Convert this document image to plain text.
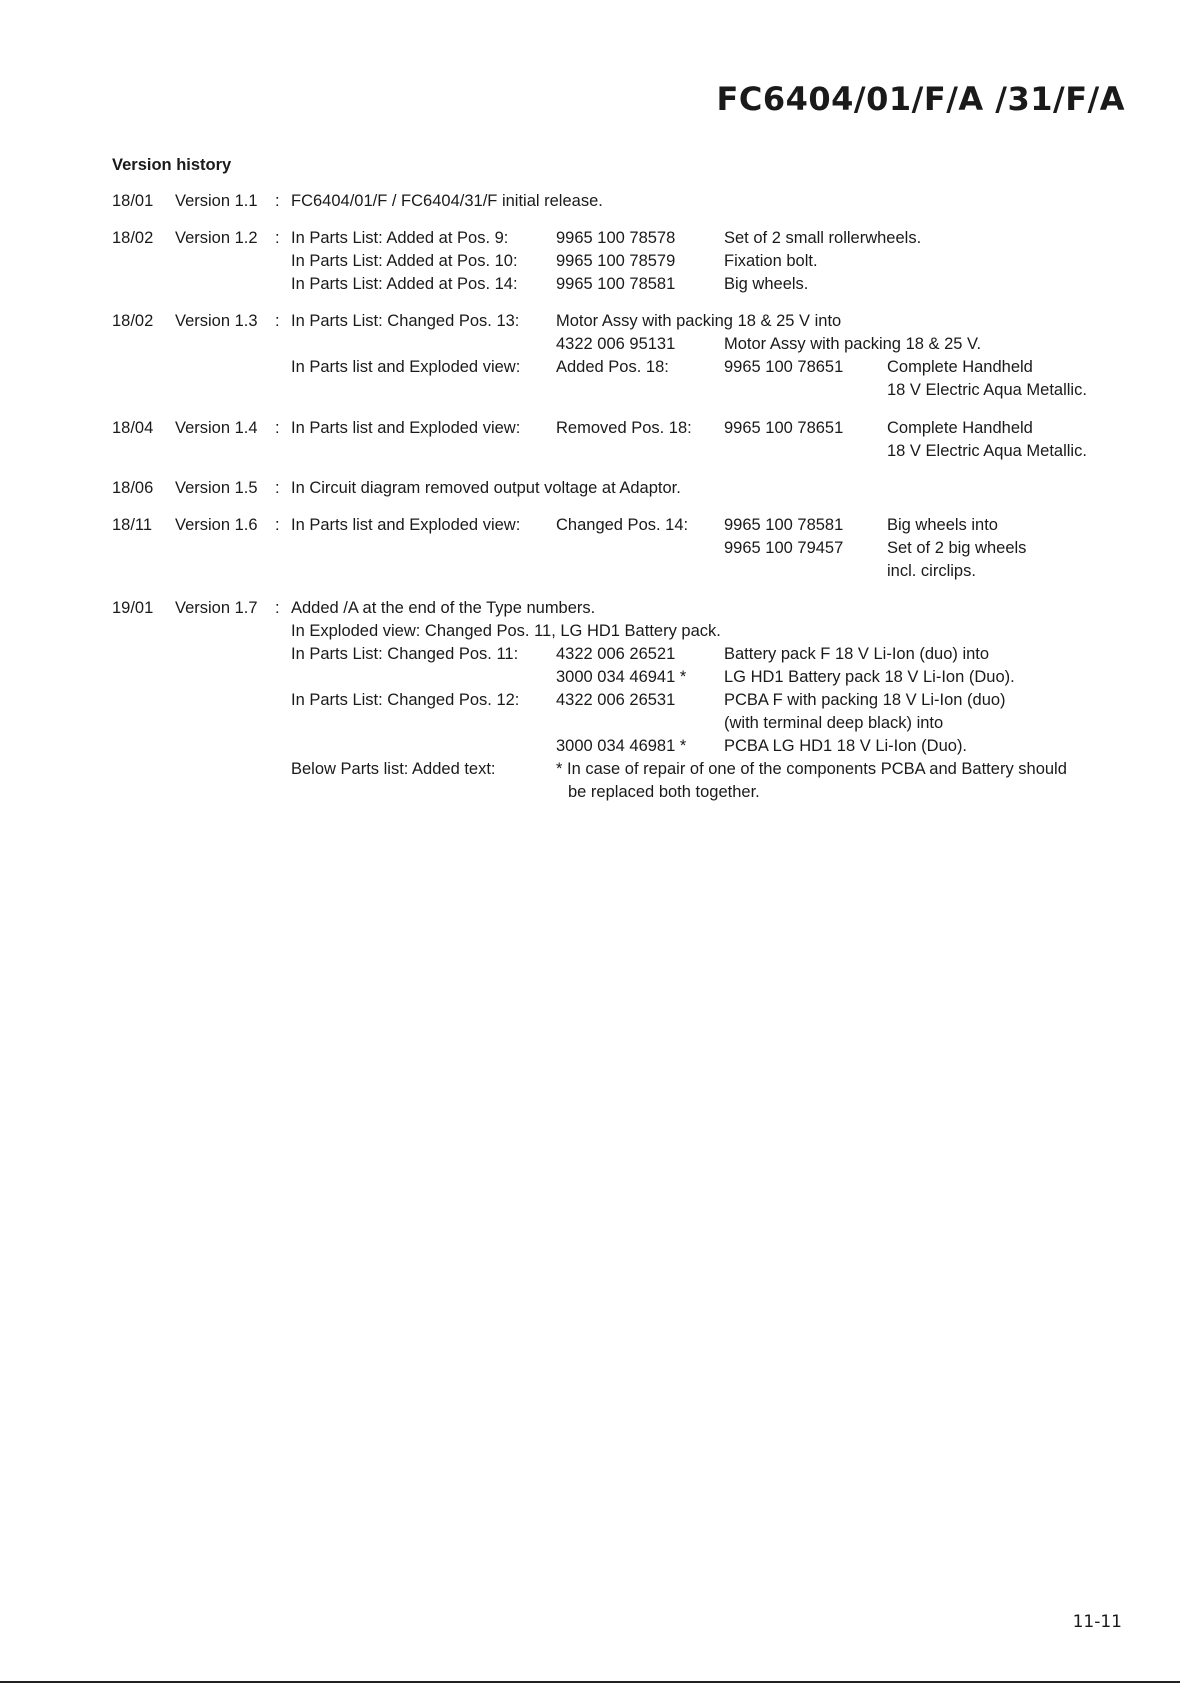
FC6404/01/F/A /31/F/A
Version history
18/01 Version 1.1 : FC6404/01/F / FC6404/31/F initial release.
18/02 Version 1.2 : In Parts List: Added at Pos. 9:	9965 100 78578	Set of 2 small rollerwheels.
In Parts List: Added at Pos. 10: 9965 100 78579	Fixation bolt.
In Parts List: Added at Pos. 14: 9965 100 78581	Big wheels.
18/02 Version 1.3 : In Parts List: Changed Pos. 13: Motor Assy with packing 18 & 25 V into
4322 006 95131	Motor Assy with packing 18 & 25 V.
In Parts list and Exploded view: Added Pos. 18:	9965 100 78651	Complete Handheld
18 V Electric Aqua Metallic.
18/04 Version 1.4 : In Parts list and Exploded view: Removed Pos. 18: 9965 100 78651	Complete Handheld
18 V Electric Aqua Metallic.
18/06 Version 1.5 : In Circuit diagram removed output voltage at Adaptor.
18/11 Version 1.6 : In Parts list and Exploded view: Changed Pos. 14: 9965 100 78581	Big wheels into
9965 100 79457	Set of 2 big wheels
incl. circlips.
19/01 Version 1.7 : Added /A at the end of the Type numbers.
In Exploded view: Changed Pos. 11, LG HD1 Battery pack.
In Parts List: Changed Pos. 11: 4322 006 26521	Battery pack F 18 V Li-Ion (duo) into
3000 034 46941 * LG HD1 Battery pack 18 V Li-Ion (Duo).
In Parts List: Changed Pos. 12: 4322 006 26531	PCBA F with packing 18 V Li-Ion (duo)
(with terminal deep black) into
3000 034 46981 * PCBA LG HD1 18 V Li-Ion (Duo).
Below Parts list: Added text:	* In case of repair of one of the components PCBA and Battery should
be replaced both together.
11-11
